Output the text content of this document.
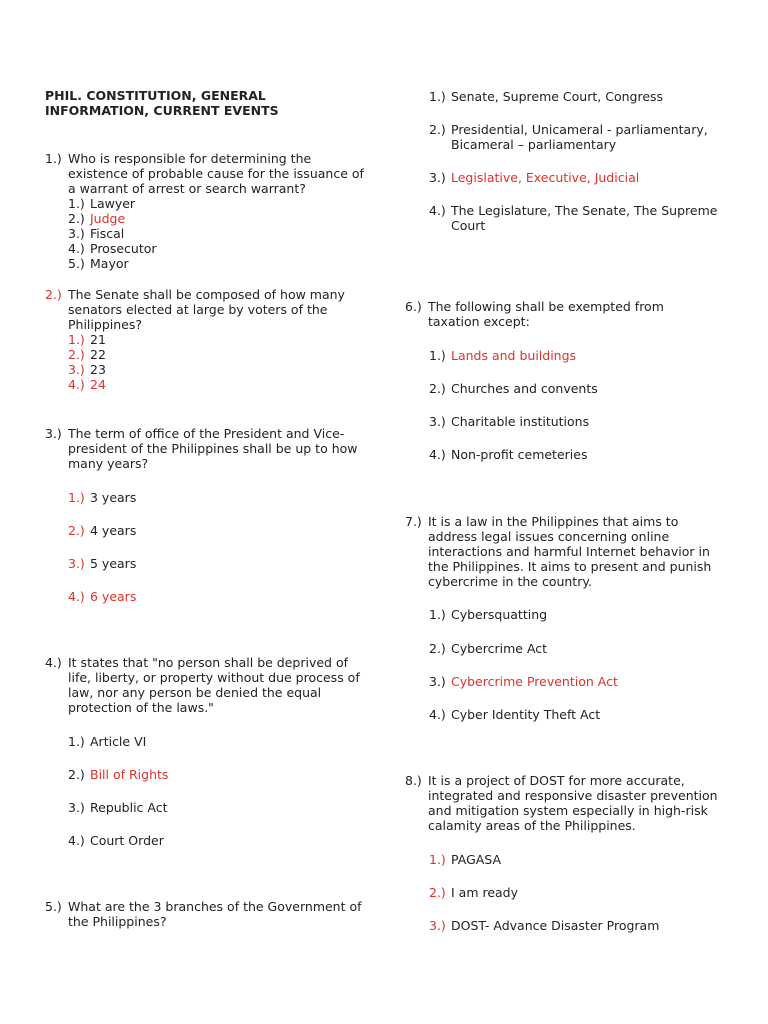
PHIL. CONSTITUTION, GENERAL
INFORMATION, CURRENT EVENTS
1.) Who is responsible for determining the existence of probable cause for the issuance of a warrant of arrest or search warrant?
1.) Lawyer
2.) Judge
3.) Fiscal
4.) Prosecutor
5.) Mayor
2.) The Senate shall be composed of how many senators elected at large by voters of the Philippines?
1.) 21
2.) 22
3.) 23
4.) 24
3.) The term of office of the President and Vice-president of the Philippines shall be up to how many years?
1.) 3 years
2.) 4 years
3.) 5 years
4.) 6 years
4.) It states that "no person shall be deprived of life, liberty, or property without due process of law, nor any person be denied the equal protection of the laws."
1.) Article VI
2.) Bill of Rights
3.) Republic Act
4.) Court Order
5.) What are the 3 branches of the Government of the Philippines?
1.) Senate, Supreme Court, Congress
2.) Presidential, Unicameral - parliamentary, Bicameral – parliamentary
3.) Legislative, Executive, Judicial
4.) The Legislature, The Senate, The Supreme Court
6.) The following shall be exempted from taxation except:
1.) Lands and buildings
2.) Churches and convents
3.) Charitable institutions
4.) Non-profit cemeteries
7.) It is a law in the Philippines that aims to address legal issues concerning online interactions and harmful Internet behavior in the Philippines. It aims to present and punish cybercrime in the country.
1.) Cybersquatting
2.) Cybercrime Act
3.) Cybercrime Prevention Act
4.) Cyber Identity Theft Act
8.) It is a project of DOST for more accurate, integrated and responsive disaster prevention and mitigation system especially in high-risk calamity areas of the Philippines.
1.) PAGASA
2.) I am ready
3.) DOST- Advance Disaster Program
